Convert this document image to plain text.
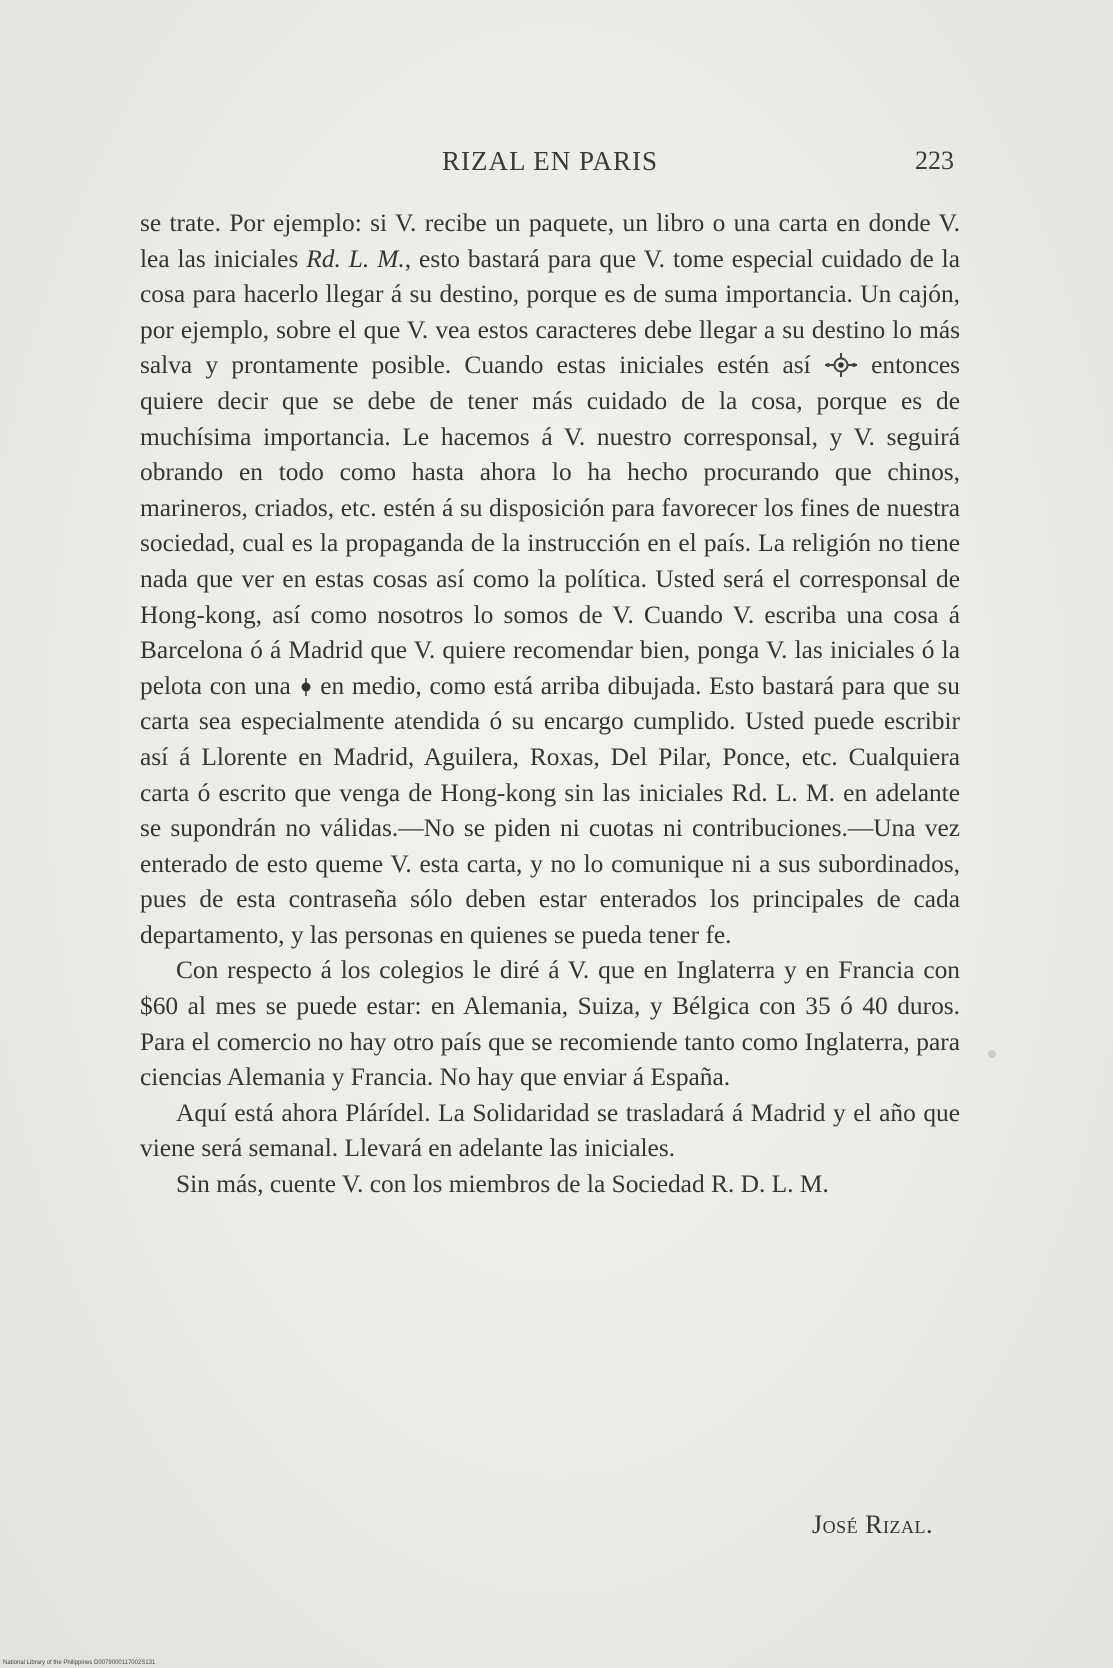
RIZAL EN PARIS	223

se trate. Por ejemplo: si V. recibe un paquete, un libro o una carta en donde V. lea las iniciales Rd. L. M., esto bastará para que V. tome especial cuidado de la cosa para hacerlo llegar á su destino, porque es de suma importancia. Un cajón, por ejemplo, sobre el que V. vea estos caracteres debe llegar a su destino lo más salva y prontamente posible. Cuando estas iniciales estén así  entonces quiere decir que se debe de tener más cuidado de la cosa, porque es de muchísima importancia. Le hacemos á V. nuestro corresponsal, y V. seguirá obrando en todo como hasta ahora lo ha hecho procurando que chinos, marineros, criados, etc. estén á su disposición para favorecer los fines de nuestra sociedad, cual es la propaganda de la instrucción en el país. La religión no tiene nada que ver en estas cosas así como la política. Usted será el corresponsal de Hong-kong, así como nosotros lo somos de V. Cuando V. escriba una cosa á Barcelona ó á Madrid que V. quiere recomendar bien, ponga V. las iniciales ó la pelota con una  en medio, como está arriba dibujada. Esto bastará para que su carta sea especialmente atendida ó su encargo cumplido. Usted puede escribir así á Llorente en Madrid, Aguilera, Roxas, Del Pilar, Ponce, etc. Cualquiera carta ó escrito que venga de Hong-kong sin las iniciales Rd. L. M. en adelante se supondrán no válidas.—No se piden ni cuotas ni contribuciones.—Una vez enterado de esto queme V. esta carta, y no lo comunique ni a sus subordinados, pues de esta contraseña sólo deben estar enterados los principales de cada departamento, y las personas en quienes se pueda tener fe.

Con respecto á los colegios le diré á V. que en Inglaterra y en Francia con $60 al mes se puede estar: en Alemania, Suiza, y Bélgica con 35 ó 40 duros. Para el comercio no hay otro país que se recomiende tanto como Inglaterra, para ciencias Alemania y Francia. No hay que enviar á España.

Aquí está ahora Plárídel. La Solidaridad se trasladará á Madrid y el año que viene será semanal. Llevará en adelante las iniciales.

Sin más, cuente V. con los miembros de la Sociedad R. D. L. M.

José Rizal.
National Library of the Philippines D0079000117002S131
